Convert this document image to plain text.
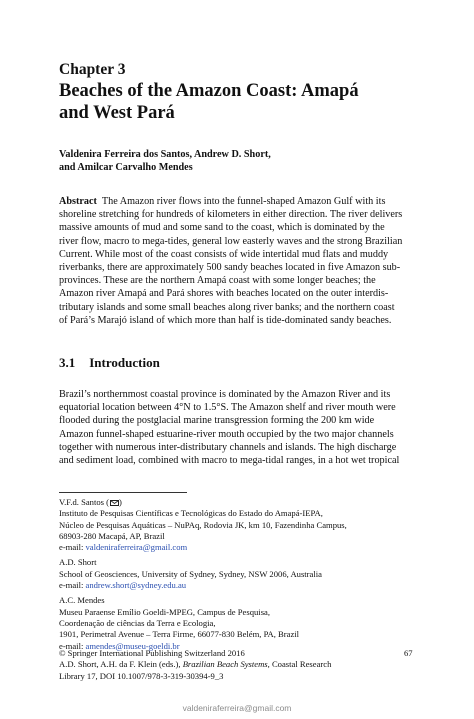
Chapter 3
Beaches of the Amazon Coast: Amapá
and West Pará
Valdenira Ferreira dos Santos, Andrew D. Short,
and Amilcar Carvalho Mendes
Abstract The Amazon river flows into the funnel-shaped Amazon Gulf with its
shoreline stretching for hundreds of kilometers in either direction. The river delivers
massive amounts of mud and some sand to the coast, which is dominated by the
river flow, macro to mega-tides, general low easterly waves and the strong Brazilian
Current. While most of the coast consists of wide intertidal mud flats and muddy
riverbanks, there are approximately 500 sandy beaches located in five Amazon sub-
provinces. These are the northern Amapá coast with some longer beaches; the
Amazon river Amapá and Pará shores with beaches located on the outer interdis-
tributary islands and some small beaches along river banks; and the northern coast
of Pará’s Marajó island of which more than half is tide-dominated sandy beaches.
3.1 Introduction
Brazil’s northernmost coastal province is dominated by the Amazon River and its
equatorial location between 4°N to 1.5°S. The Amazon shelf and river mouth were
flooded during the postglacial marine transgression forming the 200 km wide
Amazon funnel-shaped estuarine-river mouth occupied by the two major channels
together with numerous inter-distributary channels and islands. The high discharge
and sediment load, combined with macro to mega-tidal ranges, in a hot wet tropical
V.F.d. Santos ( )
Instituto de Pesquisas Científicas e Tecnológicas do Estado do Amapá-IEPA,
Núcleo de Pesquisas Aquáticas – NuPAq, Rodovia JK, km 10, Fazendinha Campus,
68903-280 Macapá, AP, Brazil
e-mail: valdeniraferreira@gmail.com
A.D. Short
School of Geosciences, University of Sydney, Sydney, NSW 2006, Australia
e-mail: andrew.short@sydney.edu.au
A.C. Mendes
Museu Paraense Emílio Goeldi-MPEG, Campus de Pesquisa,
Coordenação de ciências da Terra e Ecologia,
1901, Perimetral Avenue – Terra Firme, 66077-830 Belém, PA, Brazil
e-mail: amendes@museu-goeldi.br
© Springer International Publishing Switzerland 2016
A.D. Short, A.H. da F. Klein (eds.), Brazilian Beach Systems, Coastal Research
Library 17, DOI 10.1007/978-3-319-30394-9_3
67
valdeniraferreira@gmail.com
